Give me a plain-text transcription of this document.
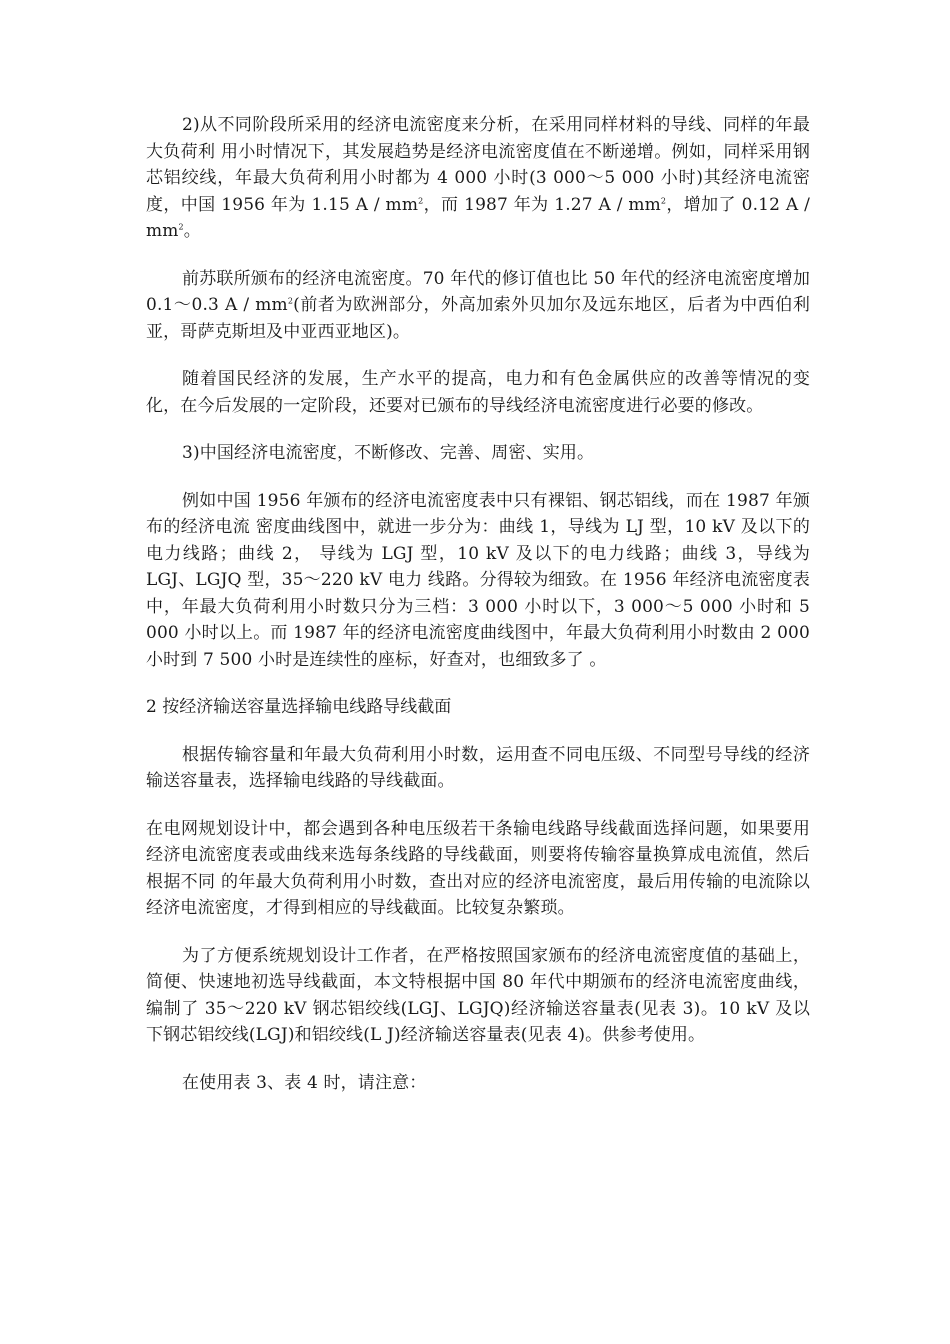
2)从不同阶段所采用的经济电流密度来分析，在采用同样材料的导线、同样的年最大负荷利 用小时情况下，其发展趋势是经济电流密度值在不断递增。例如，同样采用钢芯铝绞线，年最大负荷利用小时都为 4 000 小时(3 000～5 000 小时)其经济电流密度，中国 1956 年为 1.15 A / $mm^2$，而 1987 年为 1.27 A / $mm^2$，增加了 0.12 A / $mm^2$。

前苏联所颁布的经济电流密度。70 年代的修订值也比 50 年代的经济电流密度增加 0.1～0.3 A / $mm^2$(前者为欧洲部分，外高加索外贝加尔及远东地区，后者为中西伯利亚，哥萨克斯坦及中亚西亚地区)。

随着国民经济的发展，生产水平的提高，电力和有色金属供应的改善等情况的变化，在今后发展的一定阶段，还要对已颁布的导线经济电流密度进行必要的修改。

3)中国经济电流密度，不断修改、完善、周密、实用。

例如中国 1956 年颁布的经济电流密度表中只有裸铝、钢芯铝线，而在 1987 年颁布的经济电流 密度曲线图中，就进一步分为：曲线 1，导线为 LJ 型，10 kV 及以下的电力线路；曲线 2， 导线为 LGJ 型，10 kV 及以下的电力线路；曲线 3，导线为 LGJ、LGJQ 型，35～220 kV 电力 线路。分得较为细致。在 1956 年经济电流密度表中，年最大负荷利用小时数只分为三档：3 000 小时以下，3 000～5 000 小时和 5 000 小时以上。而 1987 年的经济电流密度曲线图中，年最大负荷利用小时数由 2 000 小时到 7 500 小时是连续性的座标，好查对，也细致多了 。

2 按经济输送容量选择输电线路导线截面

根据传输容量和年最大负荷利用小时数，运用查不同电压级、不同型号导线的经济输送容量表，选择输电线路的导线截面。

在电网规划设计中，都会遇到各种电压级若干条输电线路导线截面选择问题，如果要用经济电流密度表或曲线来选每条线路的导线截面，则要将传输容量换算成电流值，然后根据不同 的年最大负荷利用小时数，查出对应的经济电流密度，最后用传输的电流除以经济电流密度，才得到相应的导线截面。比较复杂繁琐。

为了方便系统规划设计工作者，在严格按照国家颁布的经济电流密度值的基础上，简便、快速地初选导线截面，本文特根据中国 80 年代中期颁布的经济电流密度曲线，编制了 35～220 kV 钢芯铝绞线(LGJ、LGJQ)经济输送容量表(见表 3)。10 kV 及以下钢芯铝绞线(LGJ)和铝绞线(L J)经济输送容量表(见表 4)。供参考使用。

在使用表 3、表 4 时，请注意：
